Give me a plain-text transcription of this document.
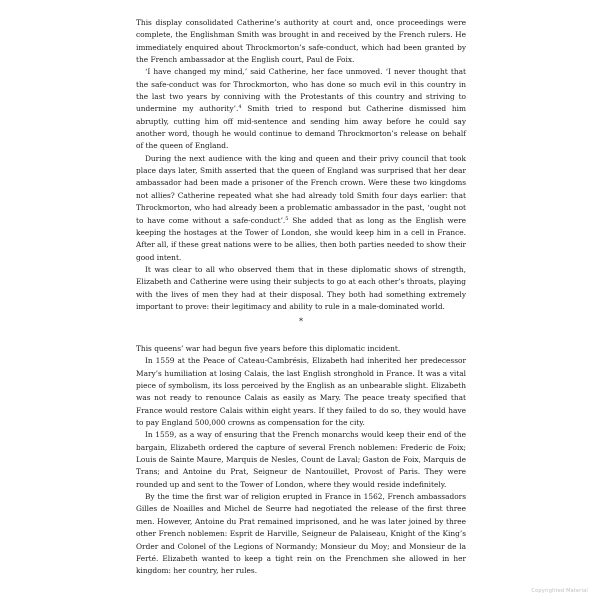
This display consolidated Catherine’s authority at court and, once proceedings were complete, the Englishman Smith was brought in and received by the French rulers. He immediately enquired about Throckmorton’s safe-conduct, which had been granted by the French ambassador at the English court, Paul de Foix.

‘I have changed my mind,’ said Catherine, her face unmoved. ‘I never thought that the safe-conduct was for Throckmorton, who has done so much evil in this country in the last two years by conniving with the Protestants of this country and striving to undermine my authority’.$^4$ Smith tried to respond but Catherine dismissed him abruptly, cutting him off mid-sentence and sending him away before he could say another word, though he would continue to demand Throckmorton’s release on behalf of the queen of England.

During the next audience with the king and queen and their privy council that took place days later, Smith asserted that the queen of England was surprised that her dear ambassador had been made a prisoner of the French crown. Were these two kingdoms not allies? Catherine repeated what she had already told Smith four days earlier: that Throckmorton, who had already been a problematic ambassador in the past, ‘ought not to have come without a safe-conduct’.$^5$ She added that as long as the English were keeping the hostages at the Tower of London, she would keep him in a cell in France. After all, if these great nations were to be allies, then both parties needed to show their good intent.

It was clear to all who observed them that in these diplomatic shows of strength, Elizabeth and Catherine were using their subjects to go at each other’s throats, playing with the lives of men they had at their disposal. They both had something extremely important to prove: their legitimacy and ability to rule in a male-dominated world.

*

This queens’ war had begun five years before this diplomatic incident.

In 1559 at the Peace of Cateau-Cambrésis, Elizabeth had inherited her predecessor Mary’s humiliation at losing Calais, the last English stronghold in France. It was a vital piece of symbolism, its loss perceived by the English as an unbearable slight. Elizabeth was not ready to renounce Calais as easily as Mary. The peace treaty specified that France would restore Calais within eight years. If they failed to do so, they would have to pay England 500,000 crowns as compensation for the city.

In 1559, as a way of ensuring that the French monarchs would keep their end of the bargain, Elizabeth ordered the capture of several French noblemen: Frederic de Foix; Louis de Sainte Maure, Marquis de Nesles, Count de Laval; Gaston de Foix, Marquis de Trans; and Antoine du Prat, Seigneur de Nantouillet, Provost of Paris. They were rounded up and sent to the Tower of London, where they would reside indefinitely.

By the time the first war of religion erupted in France in 1562, French ambassadors Gilles de Noailles and Michel de Seurre had negotiated the release of the first three men. However, Antoine du Prat remained imprisoned, and he was later joined by three other French noblemen: Esprit de Harville, Seigneur de Palaiseau, Knight of the King’s Order and Colonel of the Legions of Normandy; Monsieur du Moy; and Monsieur de la Ferté. Elizabeth wanted to keep a tight rein on the Frenchmen she allowed in her kingdom: her country, her rules.

Copyrighted Material
